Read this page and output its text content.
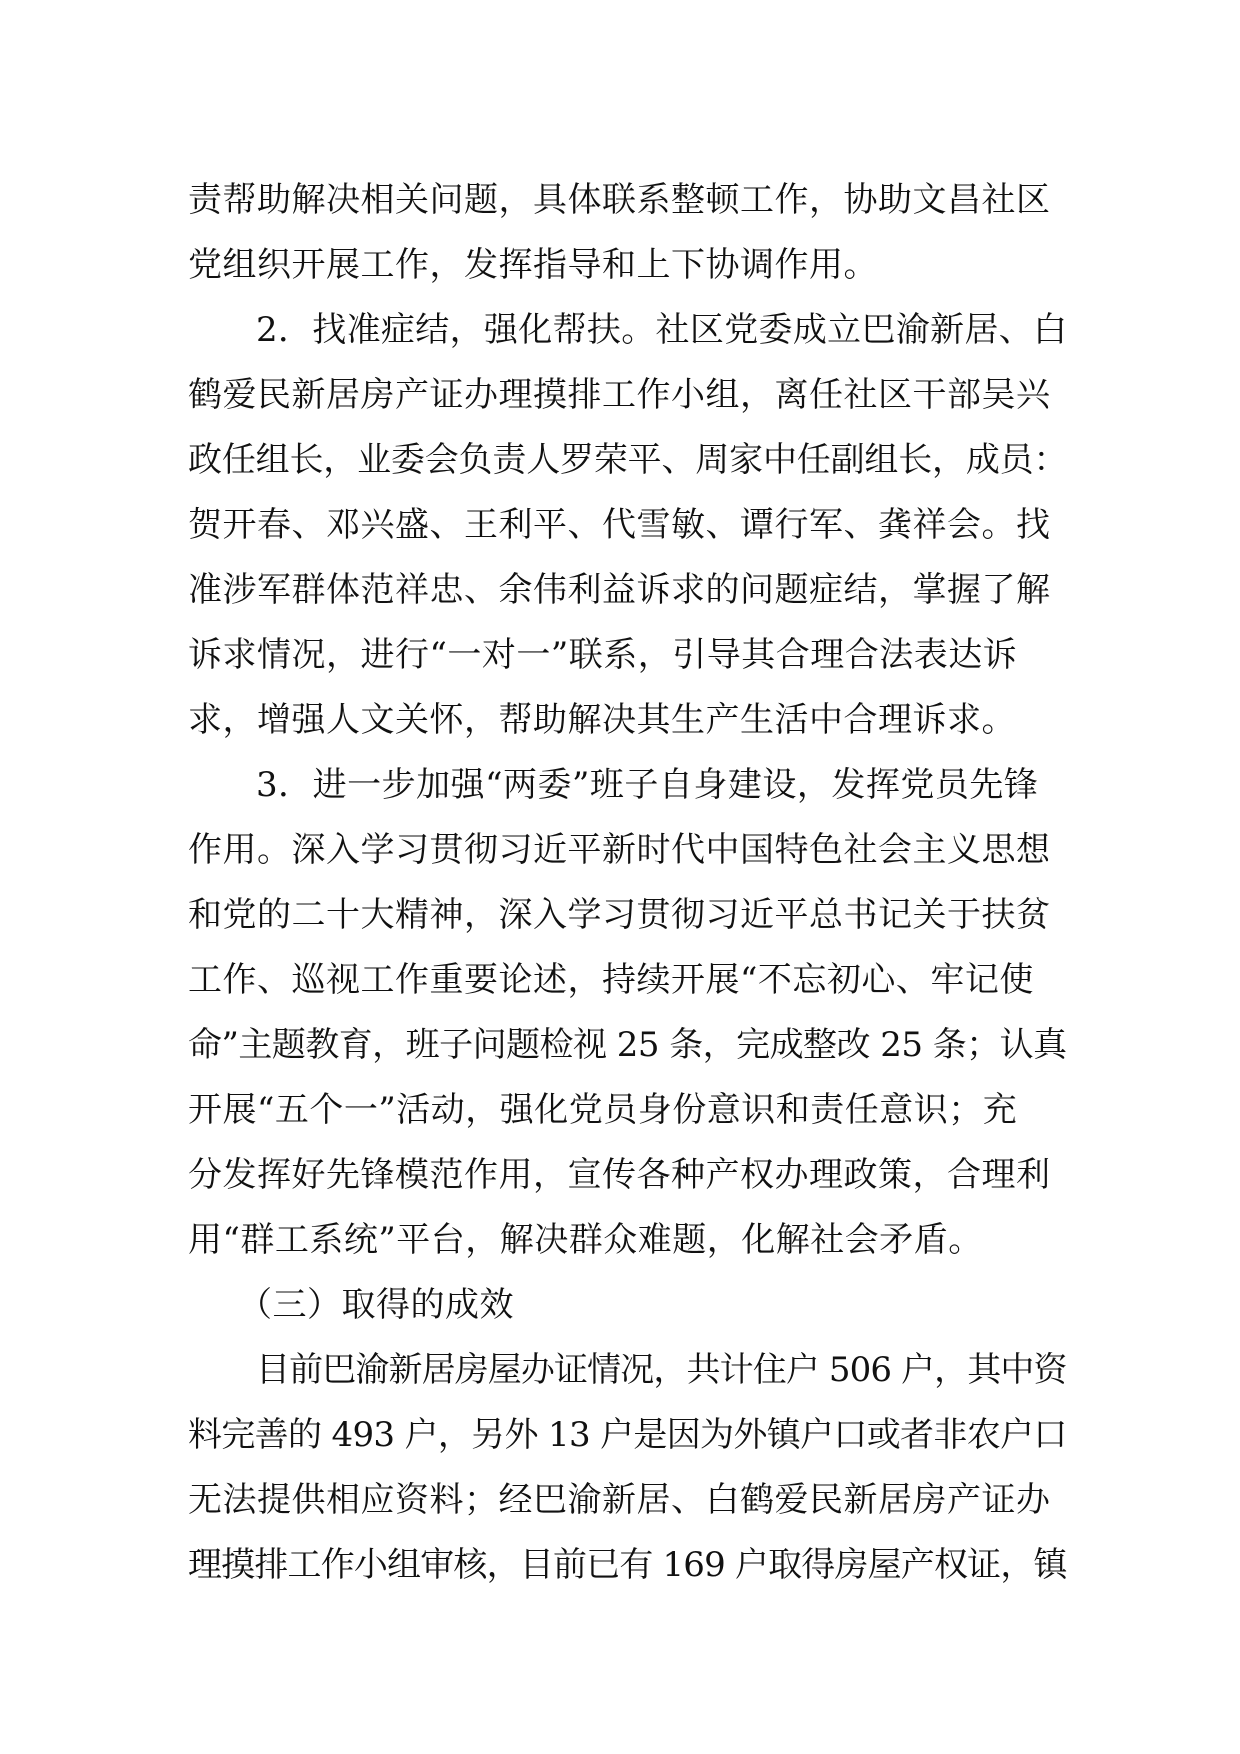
责帮助解决相关问题，具体联系整顿工作，协助文昌社区
党组织开展工作，发挥指导和上下协调作用。
2．找准症结，强化帮扶。社区党委成立巴渝新居、白
鹤爱民新居房产证办理摸排工作小组，离任社区干部吴兴
政任组长，业委会负责人罗荣平、周家中任副组长，成员：
贺开春、邓兴盛、王利平、代雪敏、谭行军、龚祥会。找
准涉军群体范祥忠、余伟利益诉求的问题症结，掌握了解
诉求情况，进行“一对一”联系，引导其合理合法表达诉
求，增强人文关怀，帮助解决其生产生活中合理诉求。
3．进一步加强“两委”班子自身建设，发挥党员先锋
作用。深入学习贯彻习近平新时代中国特色社会主义思想
和党的二十大精神，深入学习贯彻习近平总书记关于扶贫
工作、巡视工作重要论述，持续开展“不忘初心、牢记使
命”主题教育，班子问题检视 25 条，完成整改 25 条；认真
开展“五个一”活动，强化党员身份意识和责任意识；充
分发挥好先锋模范作用，宣传各种产权办理政策，合理利
用“群工系统”平台，解决群众难题，化解社会矛盾。
（三）取得的成效
目前巴渝新居房屋办证情况，共计住户 506 户，其中资
料完善的 493 户，另外 13 户是因为外镇户口或者非农户口
无法提供相应资料；经巴渝新居、白鹤爱民新居房产证办
理摸排工作小组审核，目前已有 169 户取得房屋产权证，镇
